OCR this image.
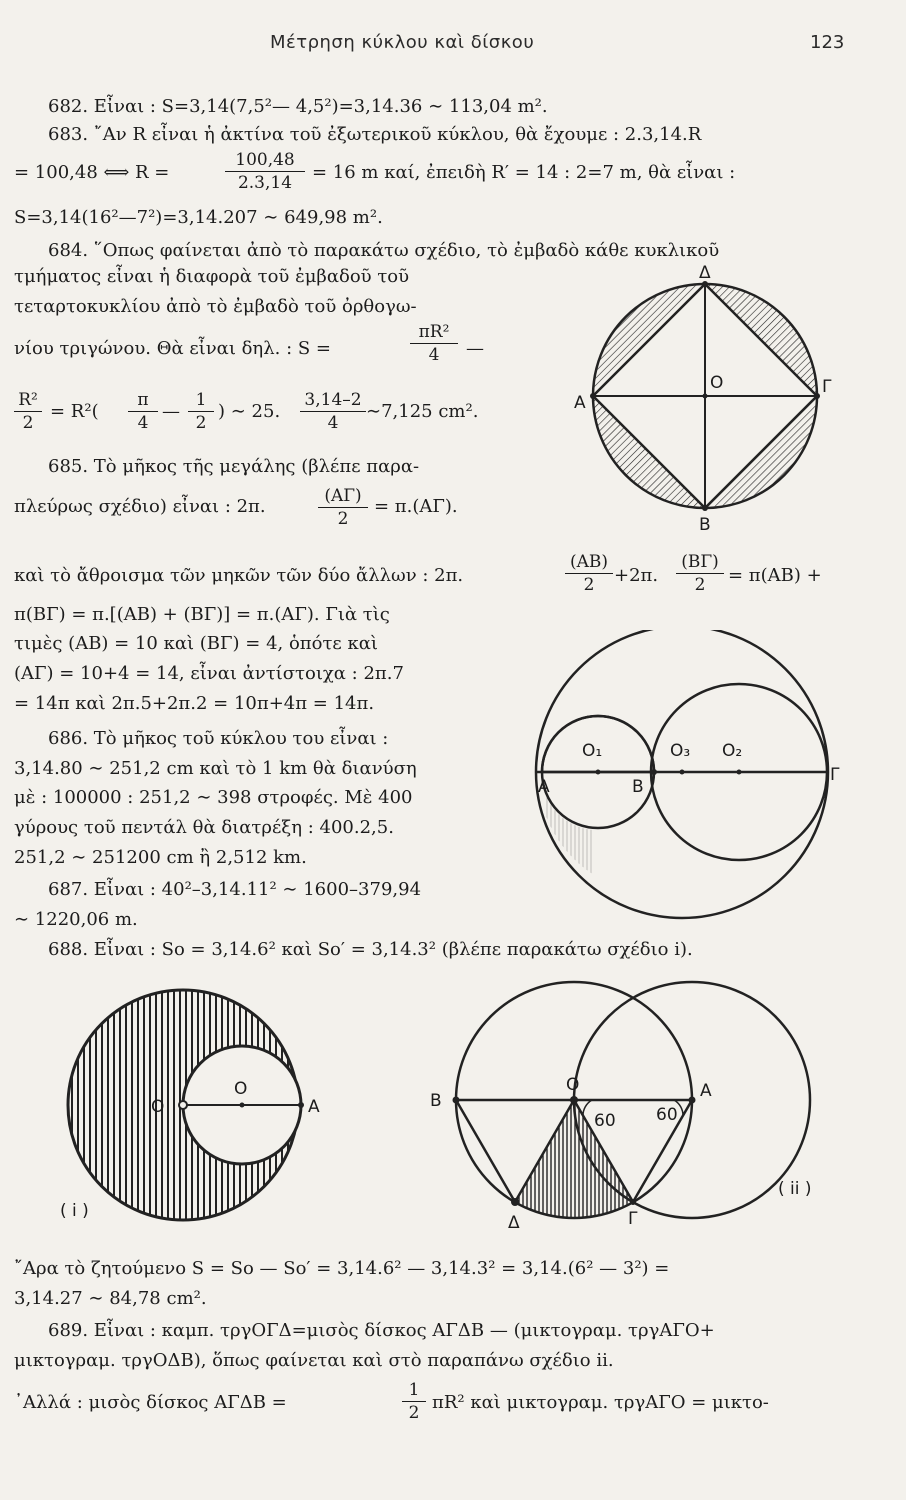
Μέτρηση κύκλου καὶ δίσκου	123
682. Εἶναι : S=3,14(7,5²— 4,5²)=3,14.36 ∼ 113,04 m².
683. ῎Αν R εἶναι ἡ ἀκτίνα τοῦ ἐξωτερικοῦ κύκλου, θὰ ἔχουμε : 2.3,14.R
= 100,48 ⟺ R =
100,48
2.3,14	= 16 m καί, ἐπειδὴ R′ = 14 : 2=7 m, θὰ εἶναι :
S=3,14(16²—7²)=3,14.207 ∼ 649,98 m².
684. ῞Οπως φαίνεται ἀπὸ τὸ παρακάτω σχέδιο, τὸ ἐμβαδὸ κάθε κυκλικοῦ
τμήματος εἶναι ἡ διαφορὰ τοῦ ἐμβαδοῦ τοῦ
τεταρτοκυκλίου ἀπὸ τὸ ἐμβαδὸ τοῦ ὀρθογω-
νίου τριγώνου. Θὰ εἶναι δηλ. : S =
πR²
4	—
R²
2
= R²(
π
4
—
1
2
) ∼ 25.
3,14–2
4
∼7,125 cm².
685. Τὸ μῆκος τῆς μεγάλης (βλέπε παρα-
πλεύρως σχέδιο) εἶναι : 2π.	(ΑΓ)
2
= π.(ΑΓ).
καὶ τὸ ἄθροισμα τῶν μηκῶν τῶν δύο ἄλλων : 2π.
(ΑΒ)
2	+2π.
(ΒΓ)
2	= π(ΑΒ) +
π(ΒΓ) = π.[(ΑΒ) + (ΒΓ)] = π.(ΑΓ). Γιὰ τὶς
τιμὲς (ΑΒ) = 10 καὶ (ΒΓ) = 4, ὁπότε καὶ
(ΑΓ) = 10+4 = 14, εἶναι ἀντίστοιχα : 2π.7
= 14π καὶ 2π.5+2π.2 = 10π+4π = 14π.
686. Τὸ μῆκος τοῦ κύκλου του εἶναι :
3,14.80 ∼ 251,2 cm καὶ τὸ 1 km θὰ διανύση
μὲ : 100000 : 251,2 ∼ 398 στροφές. Μὲ 400
γύρους τοῦ πεντάλ θὰ διατρέξη : 400.2,5.
251,2 ∼ 251200 cm ἢ 2,512 km.
687. Εἶναι : 40²–3,14.11² ∼ 1600–379,94
∼ 1220,06 m.
688. Εἶναι : So = 3,14.6² καὶ So′ = 3,14.3² (βλέπε παρακάτω σχέδιο i).
Δ
Α
Γ
Β
Ο
Α	Β
Γ
O₁	O₃ O₂
O
O
A
( i )
B
O	A
Δ	Γ
60 60
( ii )
῎Αρα τὸ ζητούμενο S = So — So′ = 3,14.6² — 3,14.3² = 3,14.(6² — 3²) =
3,14.27 ∼ 84,78 cm².
689. Εἶναι : καμπ. τργΟΓΔ=μισὸς δίσκος ΑΓΔΒ — (μικτογραμ. τργΑΓΟ+
μικτογραμ. τργΟΔΒ), ὅπως φαίνεται καὶ στὸ παραπάνω σχέδιο ii.
᾿Αλλά : μισὸς δίσκος ΑΓΔΒ =
1
2 πR² καὶ μικτογραμ. τργΑΓΟ = μικτο-
